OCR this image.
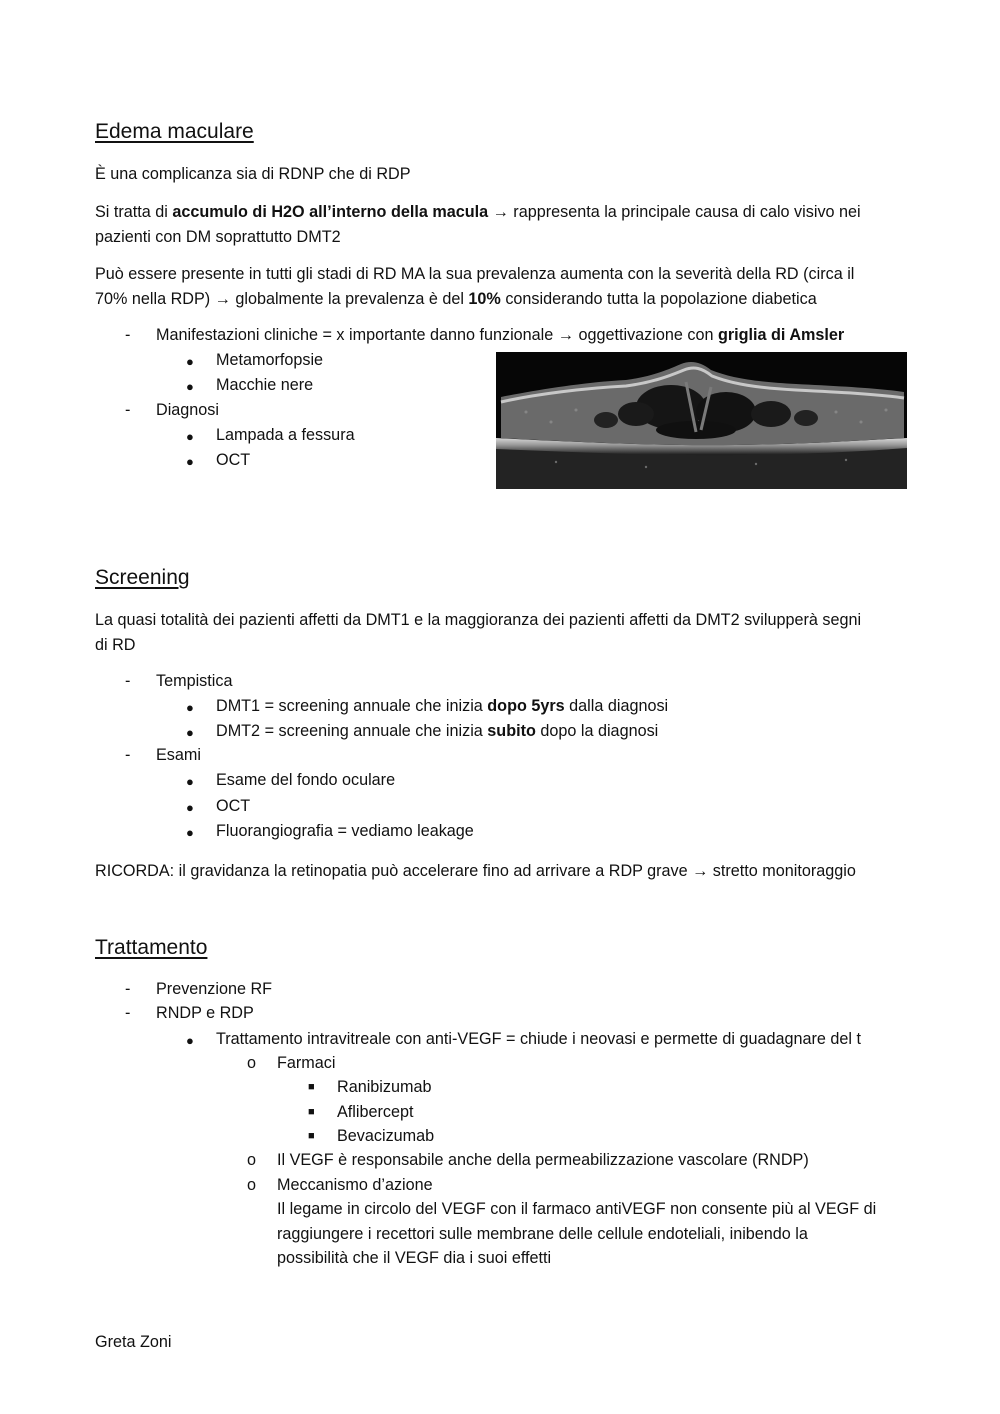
Edema maculare
È una complicanza sia di RDNP che di RDP
Si tratta di accumulo di H2O all’interno della macula → rappresenta la principale causa di calo visivo nei
pazienti con DM soprattutto DMT2
Può essere presente in tutti gli stadi di RD MA la sua prevalenza aumenta con la severità della RD (circa il
70% nella RDP) → globalmente la prevalenza è del 10% considerando tutta la popolazione diabetica
- Manifestazioni cliniche = x importante danno funzionale → oggettivazione con griglia di Amsler
● Metamorfopsie
● Macchie nere
- Diagnosi
● Lampada a fessura
● OCT
Screening
La quasi totalità dei pazienti affetti da DMT1 e la maggioranza dei pazienti affetti da DMT2 svilupperà segni
di RD
- Tempistica
● DMT1 = screening annuale che inizia dopo 5yrs dalla diagnosi
● DMT2 = screening annuale che inizia subito dopo la diagnosi
- Esami
● Esame del fondo oculare
● OCT
● Fluorangiografia = vediamo leakage
RICORDA: il gravidanza la retinopatia può accelerare fino ad arrivare a RDP grave → stretto monitoraggio
Trattamento
- Prevenzione RF
- RNDP e RDP
● Trattamento intravitreale con anti-VEGF = chiude i neovasi e permette di guadagnare del t
o Farmaci
■ Ranibizumab
■ Aflibercept
■ Bevacizumab
o Il VEGF è responsabile anche della permeabilizzazione vascolare (RNDP)
o Meccanismo d’azione
Il legame in circolo del VEGF con il farmaco antiVEGF non consente più al VEGF di
raggiungere i recettori sulle membrane delle cellule endoteliali, inibendo la
possibilità che il VEGF dia i suoi effetti
Greta Zoni
